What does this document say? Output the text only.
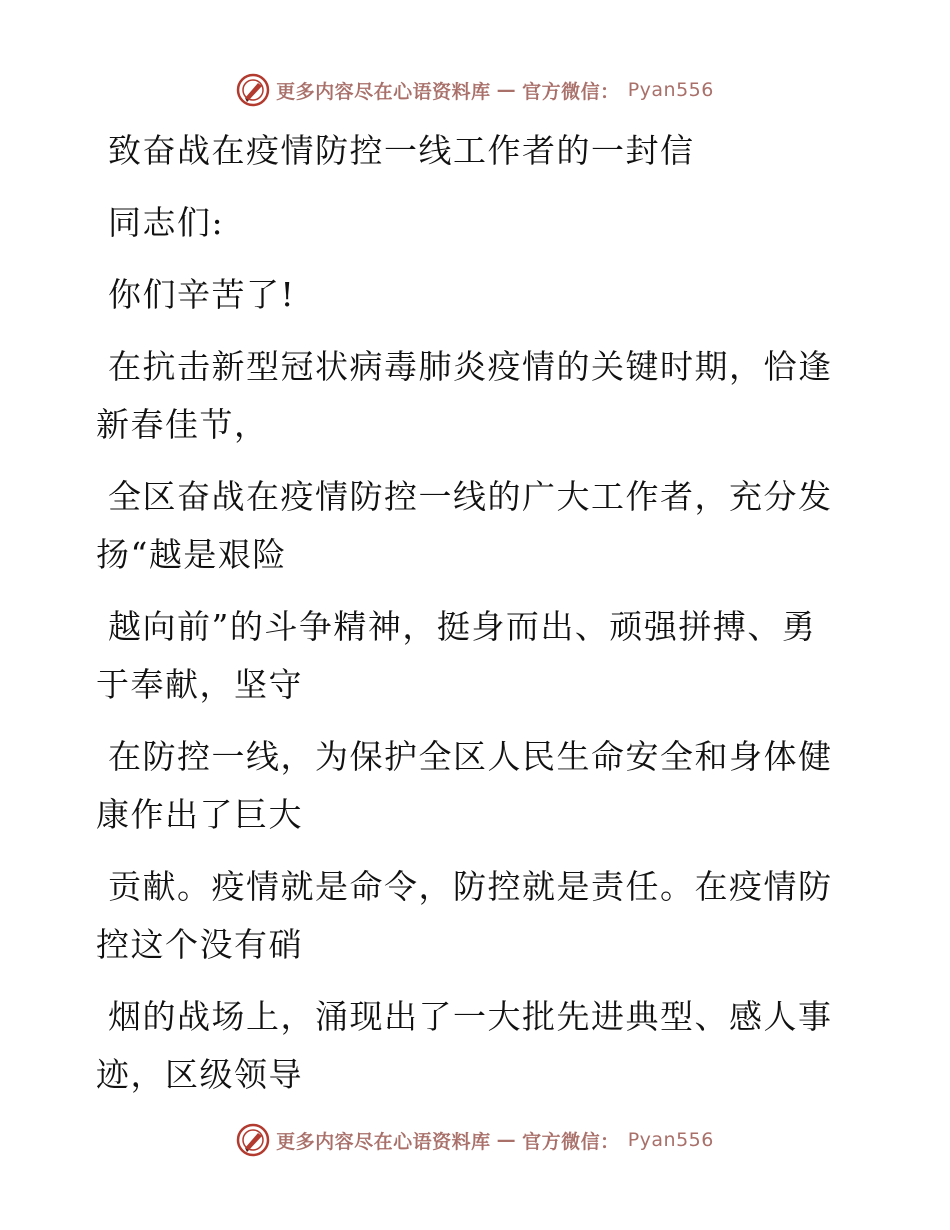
更多内容尽在心语资料库 — 官方微信： Pyan556

致奋战在疫情防控一线工作者的一封信

同志们:

你们辛苦了!

在抗击新型冠状病毒肺炎疫情的关键时期，恰逢
新春佳节，

全区奋战在疫情防控一线的广大工作者，充分发
扬“越是艰险

越向前”的斗争精神，挺身而出、顽强拼搏、勇
于奉献，坚守

在防控一线，为保护全区人民生命安全和身体健
康作出了巨大

贡献。疫情就是命令，防控就是责任。在疫情防
控这个没有硝

烟的战场上，涌现出了一大批先进典型、感人事
迹，区级领导

更多内容尽在心语资料库 — 官方微信： Pyan556
